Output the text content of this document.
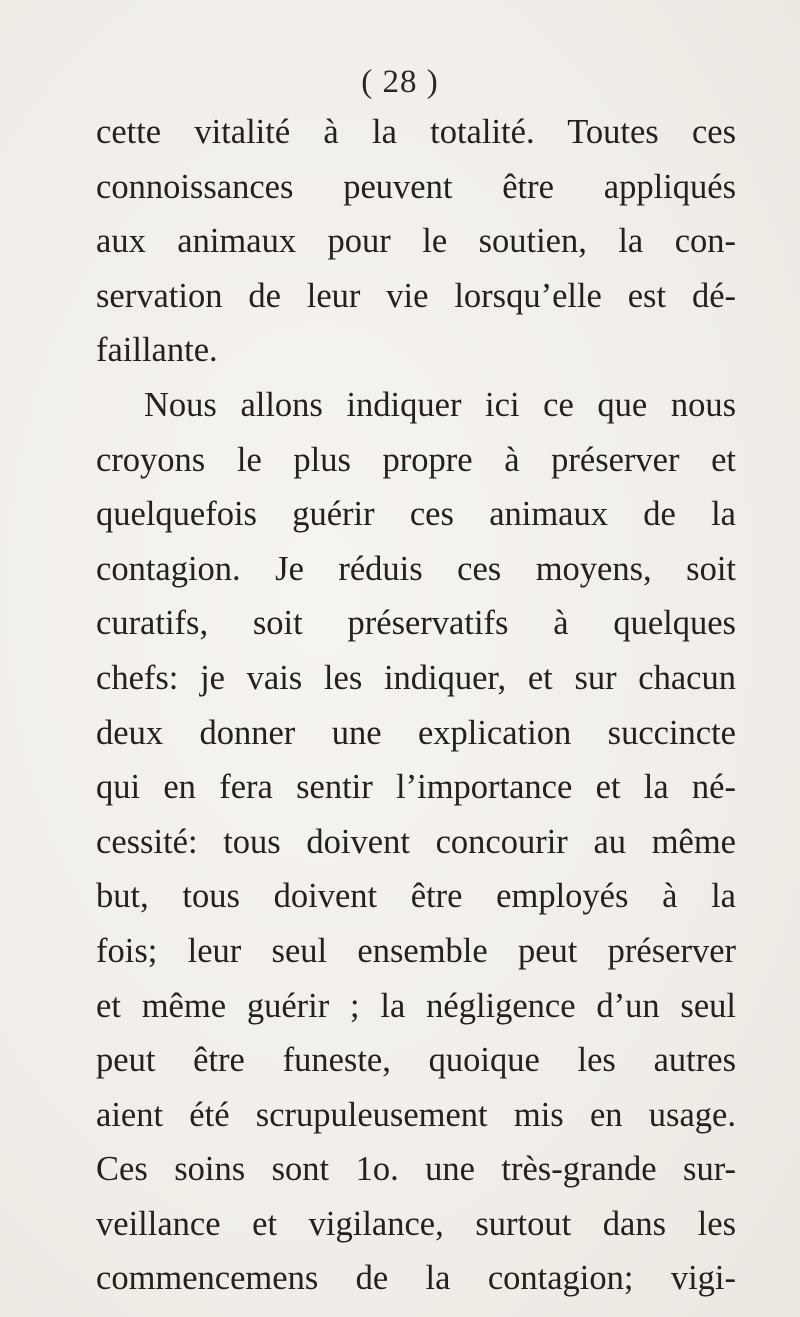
( 28 )
cette vitalité à la totalité. Toutes ces
connoissances peuvent être appliqués
aux animaux pour le soutien, la con-
servation de leur vie lorsqu’elle est dé-
faillante.
Nous allons indiquer ici ce que nous
croyons le plus propre à préserver et
quelquefois guérir ces animaux de la
contagion. Je réduis ces moyens, soit
curatifs, soit préservatifs à quelques
chefs: je vais les indiquer, et sur chacun
deux donner une explication succincte
qui en fera sentir l’importance et la né-
cessité: tous doivent concourir au même
but, tous doivent être employés à la
fois; leur seul ensemble peut préserver
et même guérir ; la négligence d’un seul
peut être funeste, quoique les autres
aient été scrupuleusement mis en usage.
Ces soins sont 1o. une très-grande sur-
veillance et vigilance, surtout dans les
commencemens de la contagion; vigi-
